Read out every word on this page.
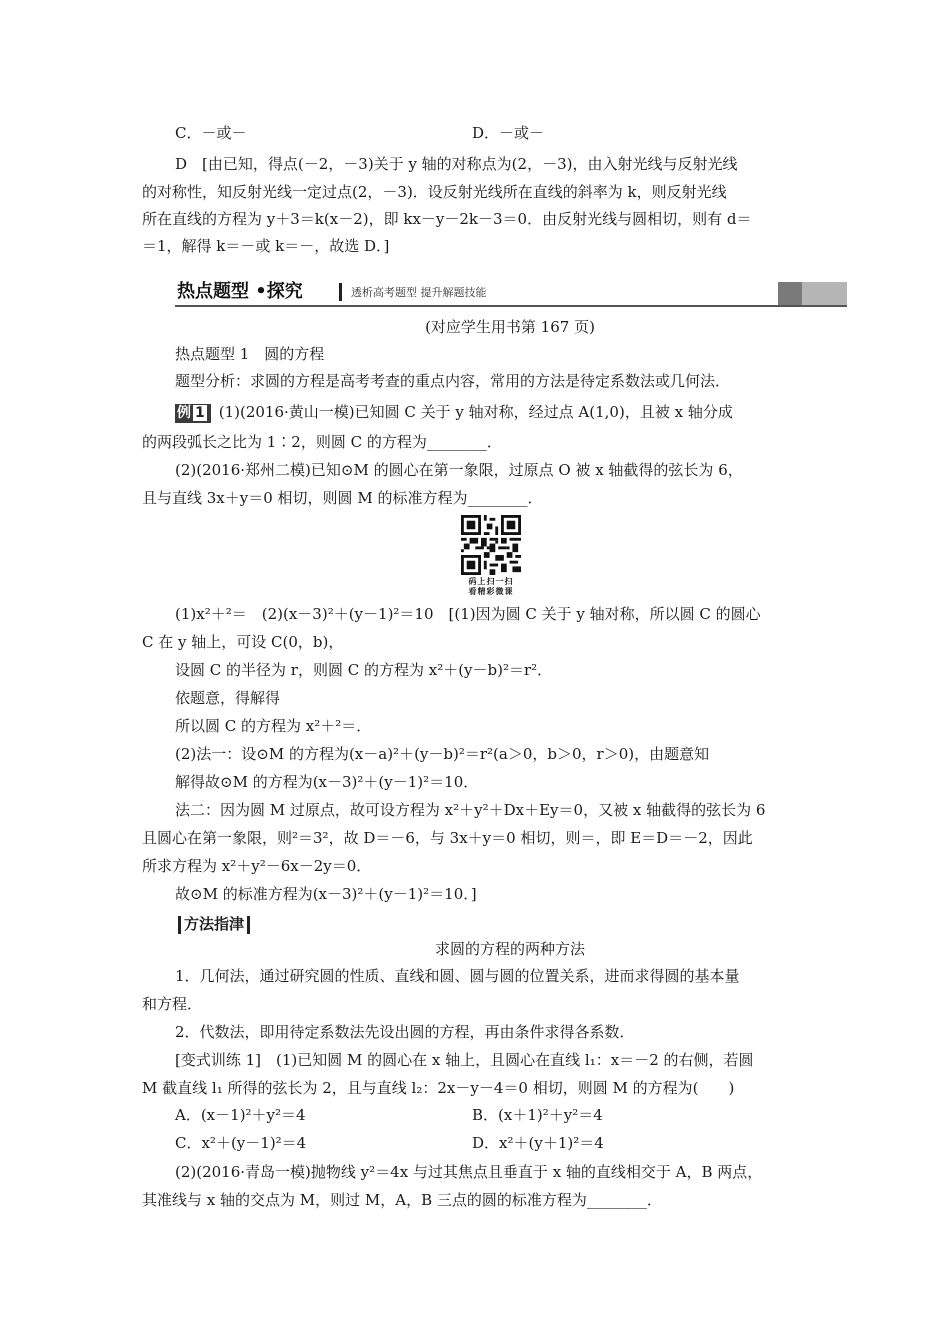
C．－或－	D．－或－
D　[由已知，得点(－2，－3)关于 y 轴的对称点为(2，－3)，由入射光线与反射光线
的对称性，知反射光线一定过点(2，－3)．设反射光线所在直线的斜率为 k，则反射光线
所在直线的方程为 y＋3＝k(x－2)，即 kx－y－2k－3＝0．由反射光线与圆相切，则有 d＝
＝1，解得 k＝－或 k＝－，故选 D．]
热点题型 •探究	透析高考题型 提升解题技能
(对应学生用书第 167 页)
热点题型 1　圆的方程
题型分析：求圆的方程是高考考查的重点内容，常用的方法是待定系数法或几何法．
例 1 (1)(2016·黄山一模)已知圆 C 关于 y 轴对称，经过点 A(1,0)，且被 x 轴分成
的两段弧长之比为 1∶2，则圆 C 的方程为________．
(2)(2016·郑州二模)已知⊙M 的圆心在第一象限，过原点 O 被 x 轴截得的弦长为 6，
且与直线 3x＋y＝0 相切，则圆 M 的标准方程为________．
码上扫一扫
看精彩微课
(1)x²＋²＝　(2)(x－3)²＋(y－1)²＝10　[(1)因为圆 C 关于 y 轴对称，所以圆 C 的圆心
C 在 y 轴上，可设 C(0，b)，
设圆 C 的半径为 r，则圆 C 的方程为 x²＋(y－b)²＝r²．
依题意，得解得
所以圆 C 的方程为 x²＋²＝．
(2)法一：设⊙M 的方程为(x－a)²＋(y－b)²＝r²(a＞0，b＞0，r＞0)，由题意知
解得故⊙M 的方程为(x－3)²＋(y－1)²＝10．
法二：因为圆 M 过原点，故可设方程为 x²＋y²＋Dx＋Ey＝0，又被 x 轴截得的弦长为 6
且圆心在第一象限，则²＝3²，故 D＝－6，与 3x＋y＝0 相切，则＝，即 E＝D＝－2，因此
所求方程为 x²＋y²－6x－2y＝0．
故⊙M 的标准方程为(x－3)²＋(y－1)²＝10．]
方法指津
求圆的方程的两种方法
1．几何法，通过研究圆的性质、直线和圆、圆与圆的位置关系，进而求得圆的基本量
和方程．
2．代数法，即用待定系数法先设出圆的方程，再由条件求得各系数．
[变式训练 1]　(1)已知圆 M 的圆心在 x 轴上，且圆心在直线 l₁：x＝－2 的右侧，若圆
M 截直线 l₁ 所得的弦长为 2，且与直线 l₂：2x－y－4＝0 相切，则圆 M 的方程为(　　)
A．(x－1)²＋y²＝4	B．(x＋1)²＋y²＝4
C．x²＋(y－1)²＝4	D．x²＋(y＋1)²＝4
(2)(2016·青岛一模)抛物线 y²＝4x 与过其焦点且垂直于 x 轴的直线相交于 A，B 两点，
其准线与 x 轴的交点为 M，则过 M，A，B 三点的圆的标准方程为________．
